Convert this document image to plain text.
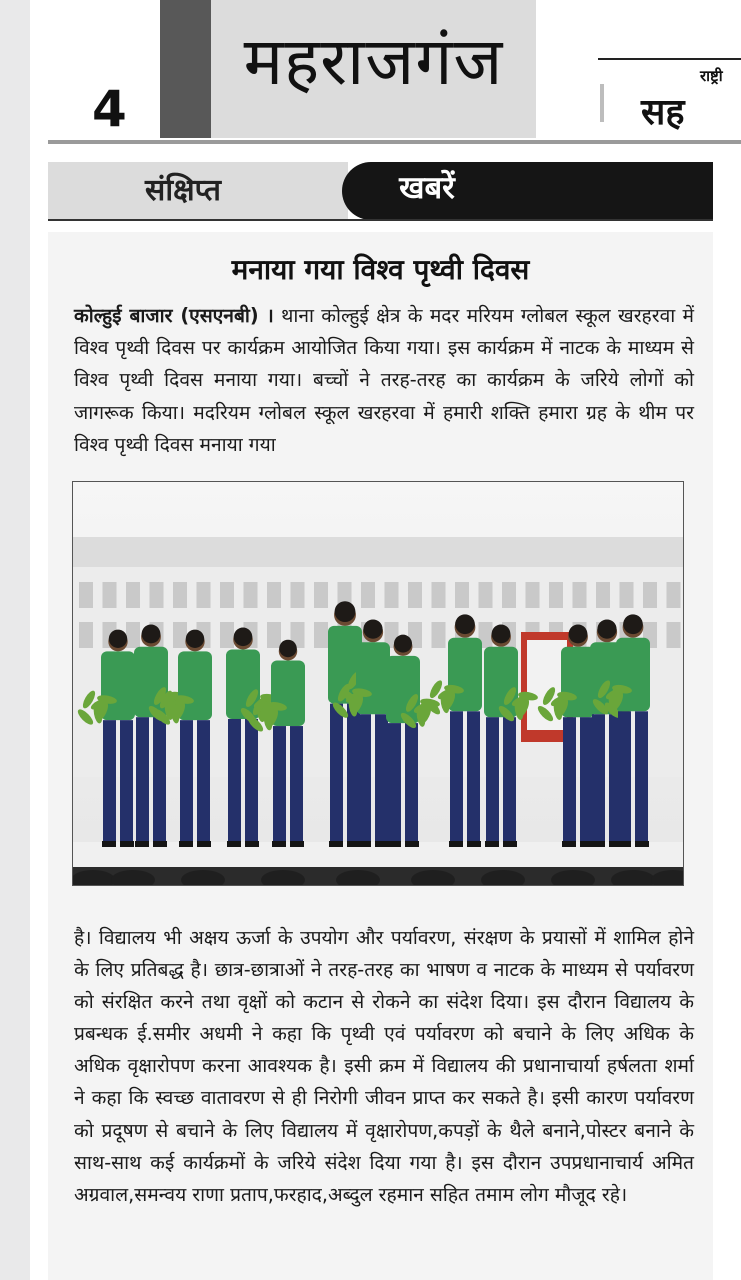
4
महराजगंज	राष्ट्री
सह
संक्षिप्त	खबरें
मनाया गया विश्व पृथ्वी दिवस
कोल्हुई बाजार (एसएनबी) । थाना कोल्हुई क्षेत्र के मदर मरियम ग्लोबल स्कूल खरहरवा में विश्व पृथ्वी दिवस पर कार्यक्रम आयोजित किया गया। इस कार्यक्रम में नाटक के माध्यम से विश्व पृथ्वी दिवस मनाया गया। बच्चों ने तरह-तरह का कार्यक्रम के जरिये लोगों को जागरूक किया। मदरियम ग्लोबल स्कूल खरहरवा में हमारी शक्ति हमारा ग्रह के थीम पर विश्व पृथ्वी दिवस मनाया गया
है। विद्यालय भी अक्षय ऊर्जा के उपयोग और पर्यावरण, संरक्षण के प्रयासों में शामिल होने के लिए प्रतिबद्ध है। छात्र-छात्राओं ने तरह-तरह का भाषण व नाटक के माध्यम से पर्यावरण को संरक्षित करने तथा वृक्षों को कटान से रोकने का संदेश दिया। इस दौरान विद्यालय के प्रबन्धक ई.समीर अधमी ने कहा कि पृथ्वी एवं पर्यावरण को बचाने के लिए अधिक के अधिक वृक्षारोपण करना आवश्यक है। इसी क्रम में विद्यालय की प्रधानाचार्या हर्षलता शर्मा ने कहा कि स्वच्छ वातावरण से ही निरोगी जीवन प्राप्त कर सकते है। इसी कारण पर्यावरण को प्रदूषण से बचाने के लिए विद्यालय में वृक्षारोपण,कपड़ों के थैले बनाने,पोस्टर बनाने के साथ-साथ कई कार्यक्रमों के जरिये संदेश दिया गया है। इस दौरान उपप्रधानाचार्य अमित अग्रवाल,समन्वय राणा प्रताप,फरहाद,अब्दुल रहमान सहित तमाम लोग मौजूद रहे।
